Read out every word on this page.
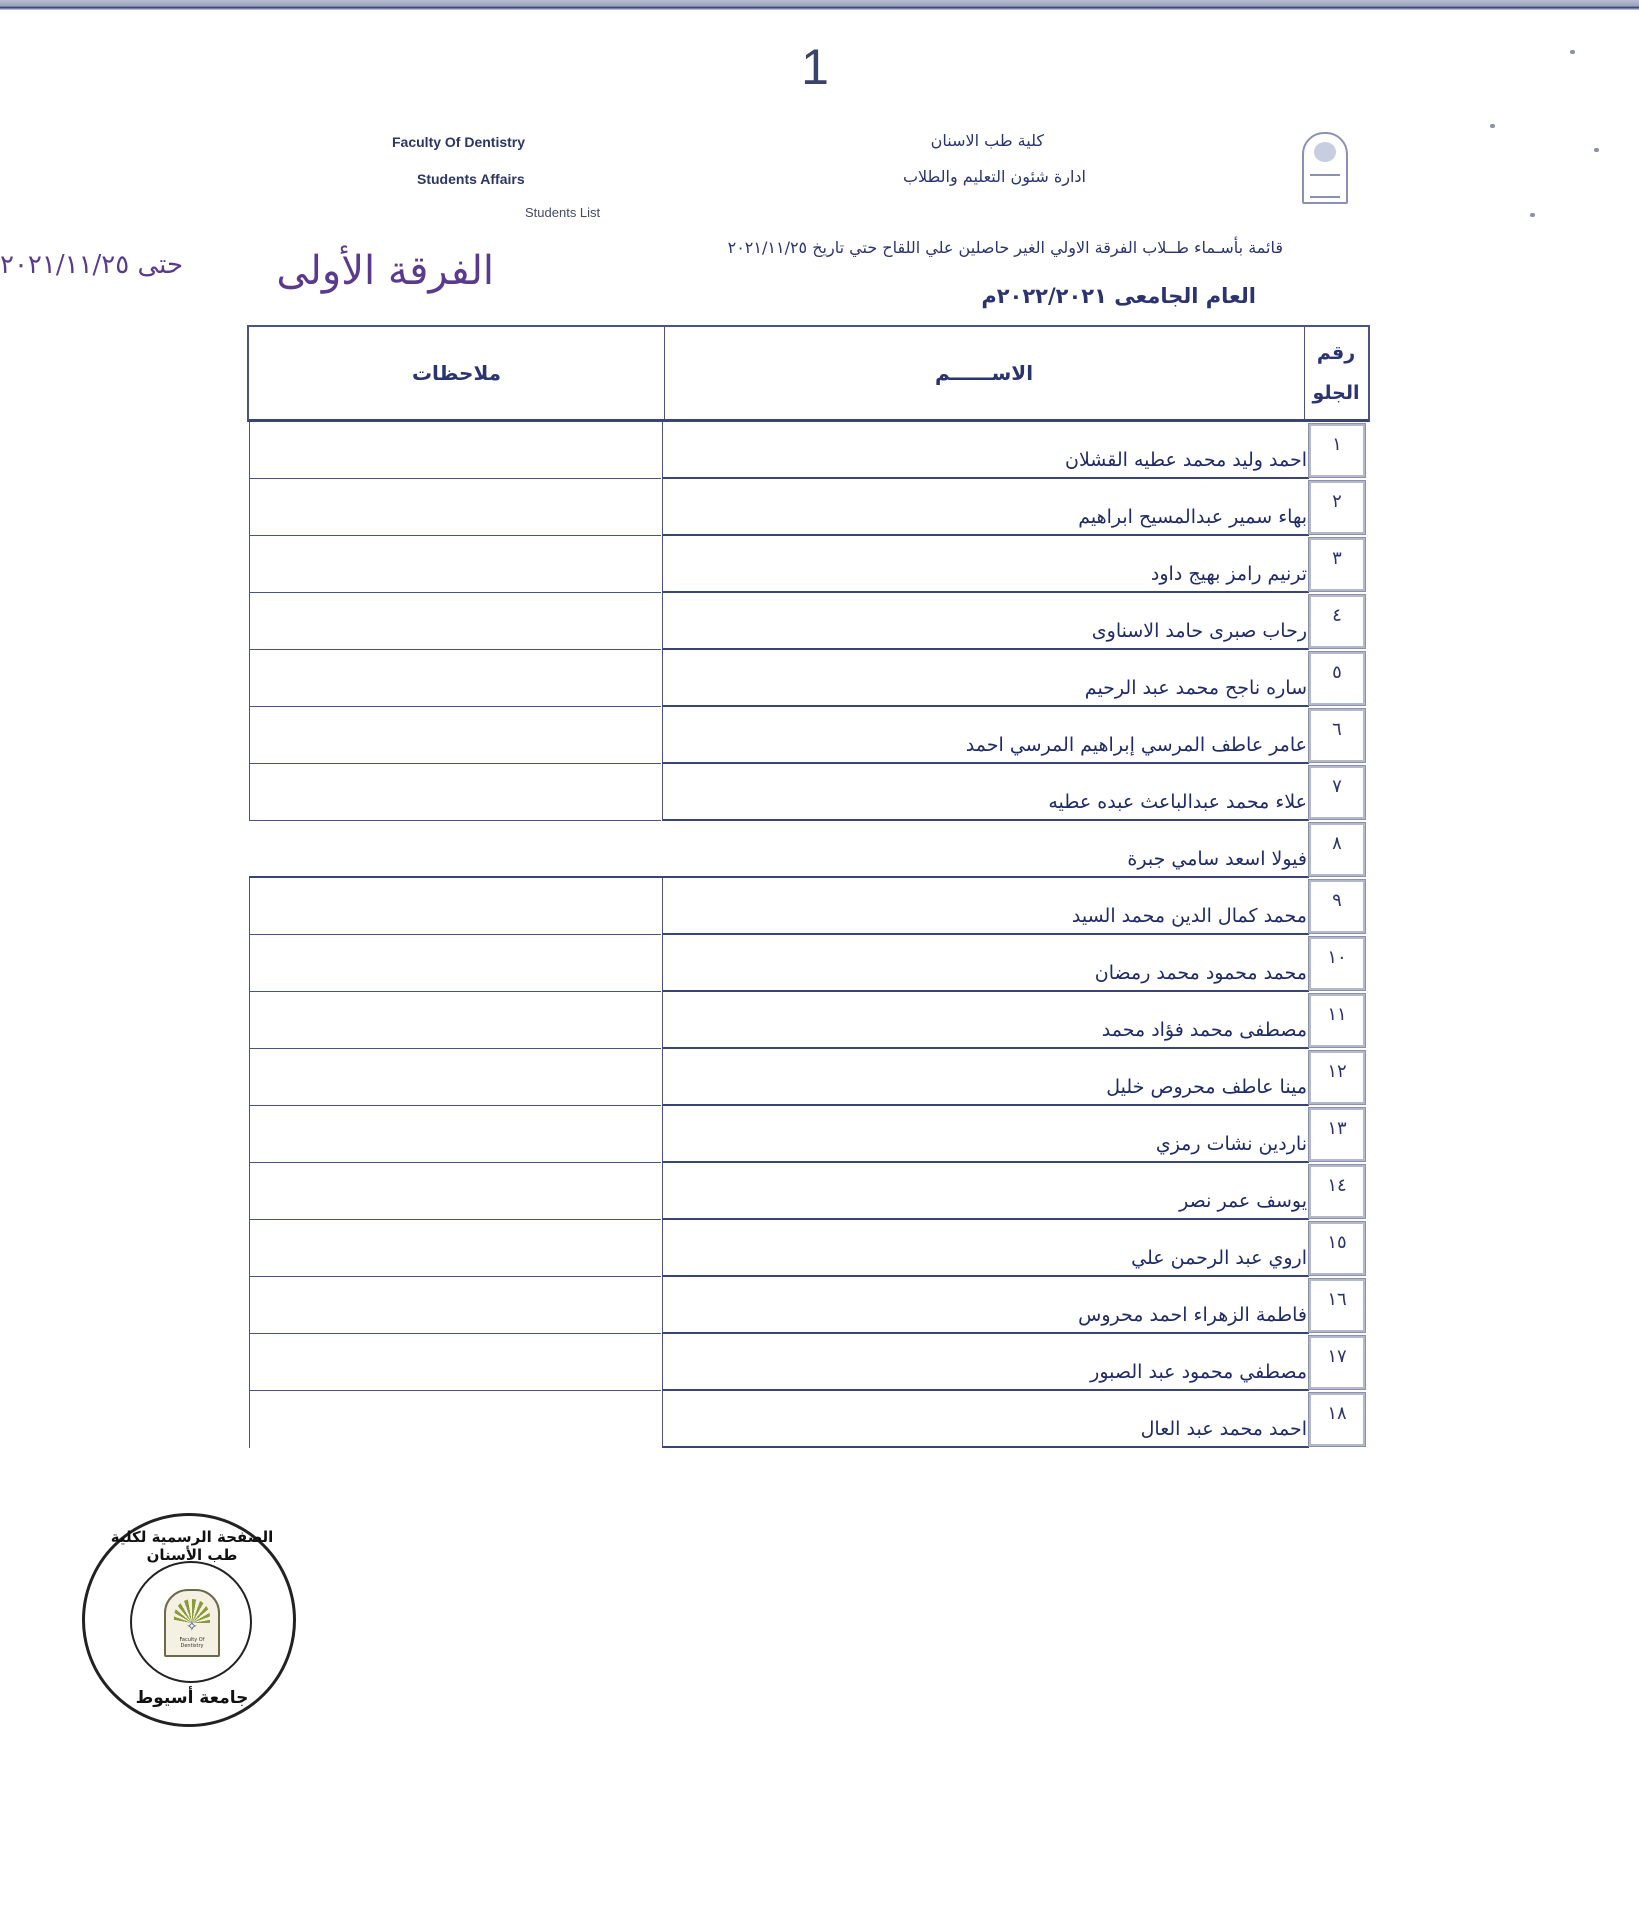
1
Faculty Of Dentistry
Students Affairs
Students List
كلية طب الاسنان
ادارة شئون التعليم والطلاب
قائمة بأسـماء طــلاب الفرقة الاولي الغير حاصلين علي اللقاح حتي تاريخ ٢٠٢١/١١/٢٥
العام الجامعى ٢٠٢٢/٢٠٢١م
الفرقة الأولى
حتى ٢٠٢١/١١/٢٥
ملاحظات	الاســــــم
رقم
الجلو
احمد وليد محمد عطيه القشلان
١
بهاء سمير عبدالمسيح ابراهيم
٢
ترنيم رامز بهيج داود
٣
رحاب صبرى حامد الاسناوى
٤
ساره ناجح محمد عبد الرحيم
٥
عامر عاطف المرسي إبراهيم المرسي احمد
٦
علاء محمد عبدالباعث عبده عطيه
٧
فيولا اسعد سامي جبرة
٨
محمد كمال الدين محمد السيد
٩
محمد محمود محمد رمضان
١٠
مصطفى محمد فؤاد محمد
١١
مينا عاطف محروص خليل
١٢
ناردين نشات رمزي
١٣
يوسف عمر نصر
١٤
اروي عبد الرحمن علي
١٥
فاطمة الزهراء احمد محروس
١٦
مصطفي محمود عبد الصبور
١٧
احمد محمد عبد العال
١٨
الصفحة الرسمية لكلية طب الأسنان
✧
Faculty Of Dentistry
جامعة أسيوط
